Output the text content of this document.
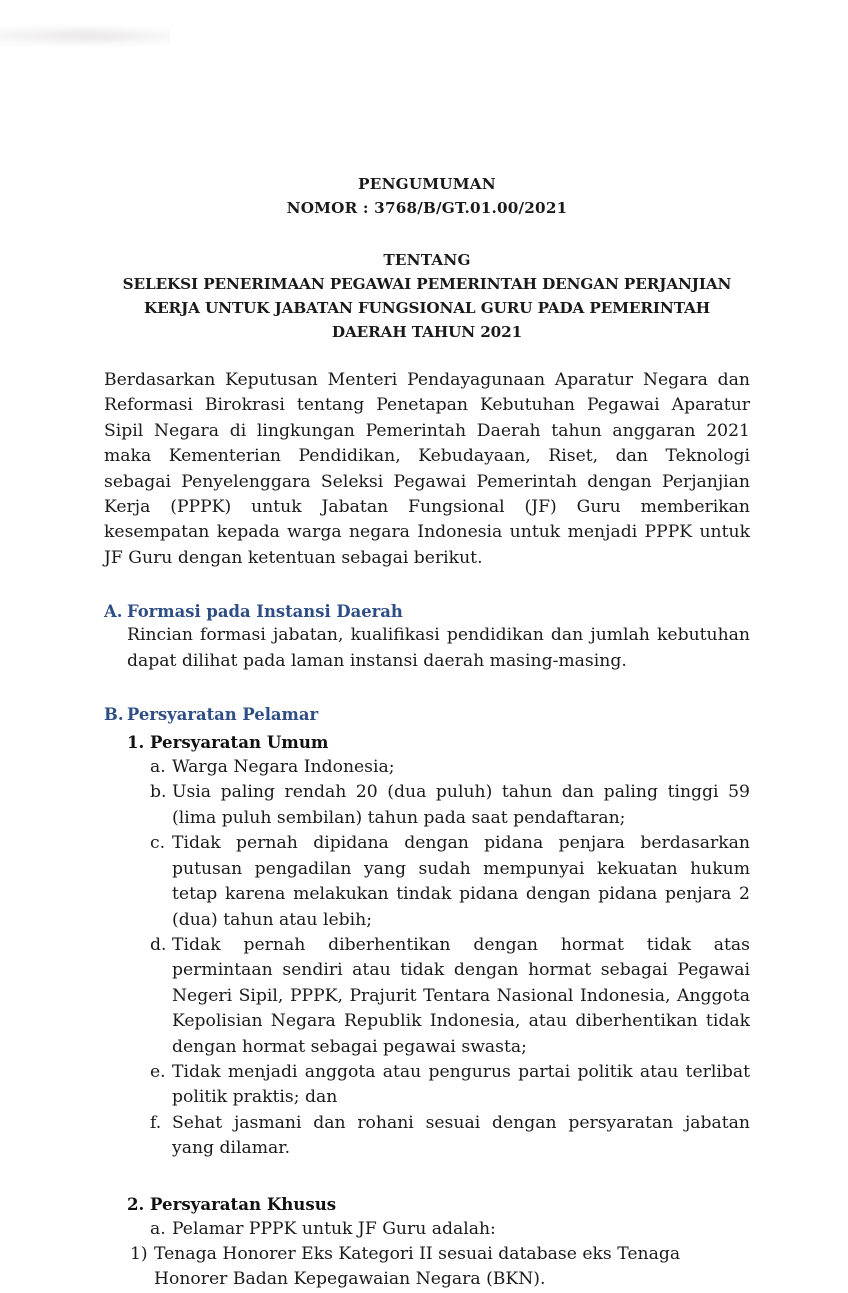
PENGUMUMAN
NOMOR : 3768/B/GT.01.00/2021
TENTANG
SELEKSI PENERIMAAN PEGAWAI PEMERINTAH DENGAN PERJANJIAN
KERJA UNTUK JABATAN FUNGSIONAL GURU PADA PEMERINTAH
DAERAH TAHUN 2021
Berdasarkan Keputusan Menteri Pendayagunaan Aparatur Negara dan Reformasi Birokrasi tentang Penetapan Kebutuhan Pegawai Aparatur Sipil Negara di lingkungan Pemerintah Daerah tahun anggaran 2021 maka Kementerian Pendidikan, Kebudayaan, Riset, dan Teknologi sebagai Penyelenggara Seleksi Pegawai Pemerintah dengan Perjanjian Kerja (PPPK) untuk Jabatan Fungsional (JF) Guru memberikan kesempatan kepada warga negara Indonesia untuk menjadi PPPK untuk JF Guru dengan ketentuan sebagai berikut.
A. Formasi pada Instansi Daerah
Rincian formasi jabatan, kualifikasi pendidikan dan jumlah kebutuhan dapat dilihat pada laman instansi daerah masing-masing.
B. Persyaratan Pelamar
1. Persyaratan Umum
a. Warga Negara Indonesia;
b. Usia paling rendah 20 (dua puluh) tahun dan paling tinggi 59 (lima puluh sembilan) tahun pada saat pendaftaran;
c. Tidak pernah dipidana dengan pidana penjara berdasarkan putusan pengadilan yang sudah mempunyai kekuatan hukum tetap karena melakukan tindak pidana dengan pidana penjara 2 (dua) tahun atau lebih;
d. Tidak pernah diberhentikan dengan hormat tidak atas permintaan sendiri atau tidak dengan hormat sebagai Pegawai Negeri Sipil, PPPK, Prajurit Tentara Nasional Indonesia, Anggota Kepolisian Negara Republik Indonesia, atau diberhentikan tidak dengan hormat sebagai pegawai swasta;
e. Tidak menjadi anggota atau pengurus partai politik atau terlibat politik praktis; dan
f. Sehat jasmani dan rohani sesuai dengan persyaratan jabatan yang dilamar.
2. Persyaratan Khusus
a. Pelamar PPPK untuk JF Guru adalah:
1) Tenaga Honorer Eks Kategori II sesuai database eks Tenaga Honorer Badan Kepegawaian Negara (BKN).
